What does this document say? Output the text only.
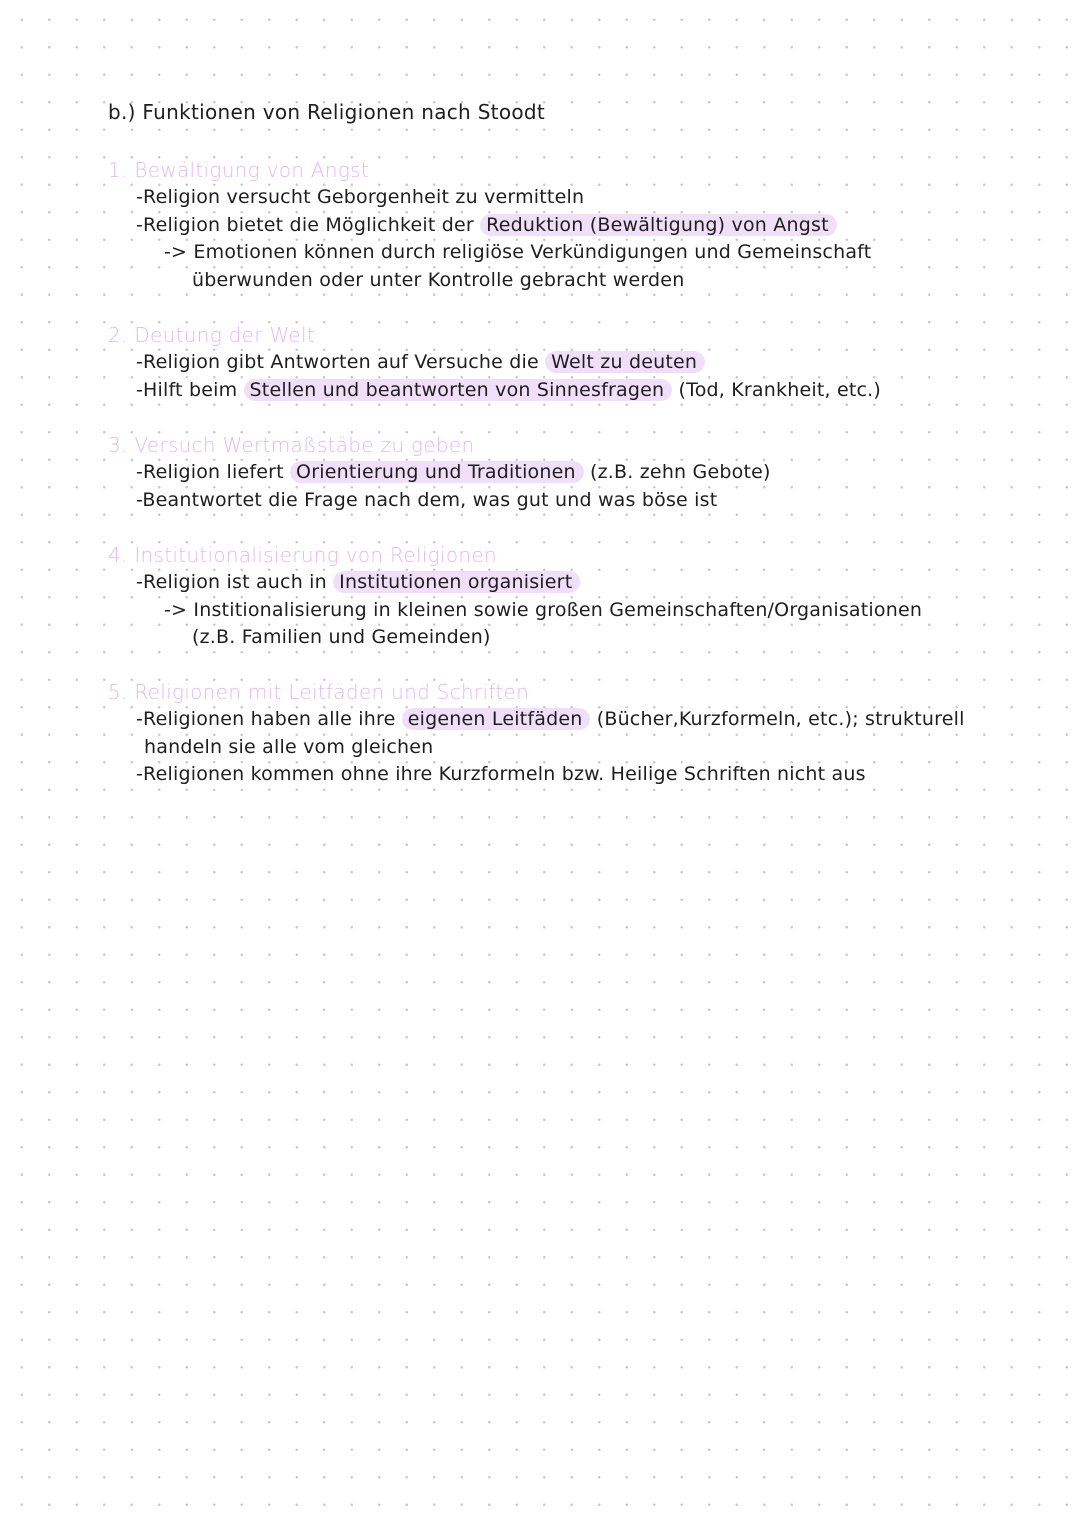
b.) Funktionen von Religionen nach Stoodt
1. Bewältigung von Angst
-Religion versucht Geborgenheit zu vermitteln
-Religion bietet die Möglichkeit der Reduktion (Bewältigung) von Angst
-> Emotionen können durch religiöse Verkündigungen und Gemeinschaft
überwunden oder unter Kontrolle gebracht werden
2. Deutung der Welt
-Religion gibt Antworten auf Versuche die Welt zu deuten
-Hilft beim Stellen und beantworten von Sinnesfragen (Tod, Krankheit, etc.)
3. Versuch Wertmaßstäbe zu geben
-Religion liefert Orientierung und Traditionen (z.B. zehn Gebote)
-Beantwortet die Frage nach dem, was gut und was böse ist
4. Institutionalisierung von Religionen
-Religion ist auch in Institutionen organisiert
-> Institionalisierung in kleinen sowie großen Gemeinschaften/Organisationen
(z.B. Familien und Gemeinden)
5. Religionen mit Leitfäden und Schriften
-Religionen haben alle ihre eigenen Leitfäden (Bücher,Kurzformeln, etc.); strukturell
handeln sie alle vom gleichen
-Religionen kommen ohne ihre Kurzformeln bzw. Heilige Schriften nicht aus
